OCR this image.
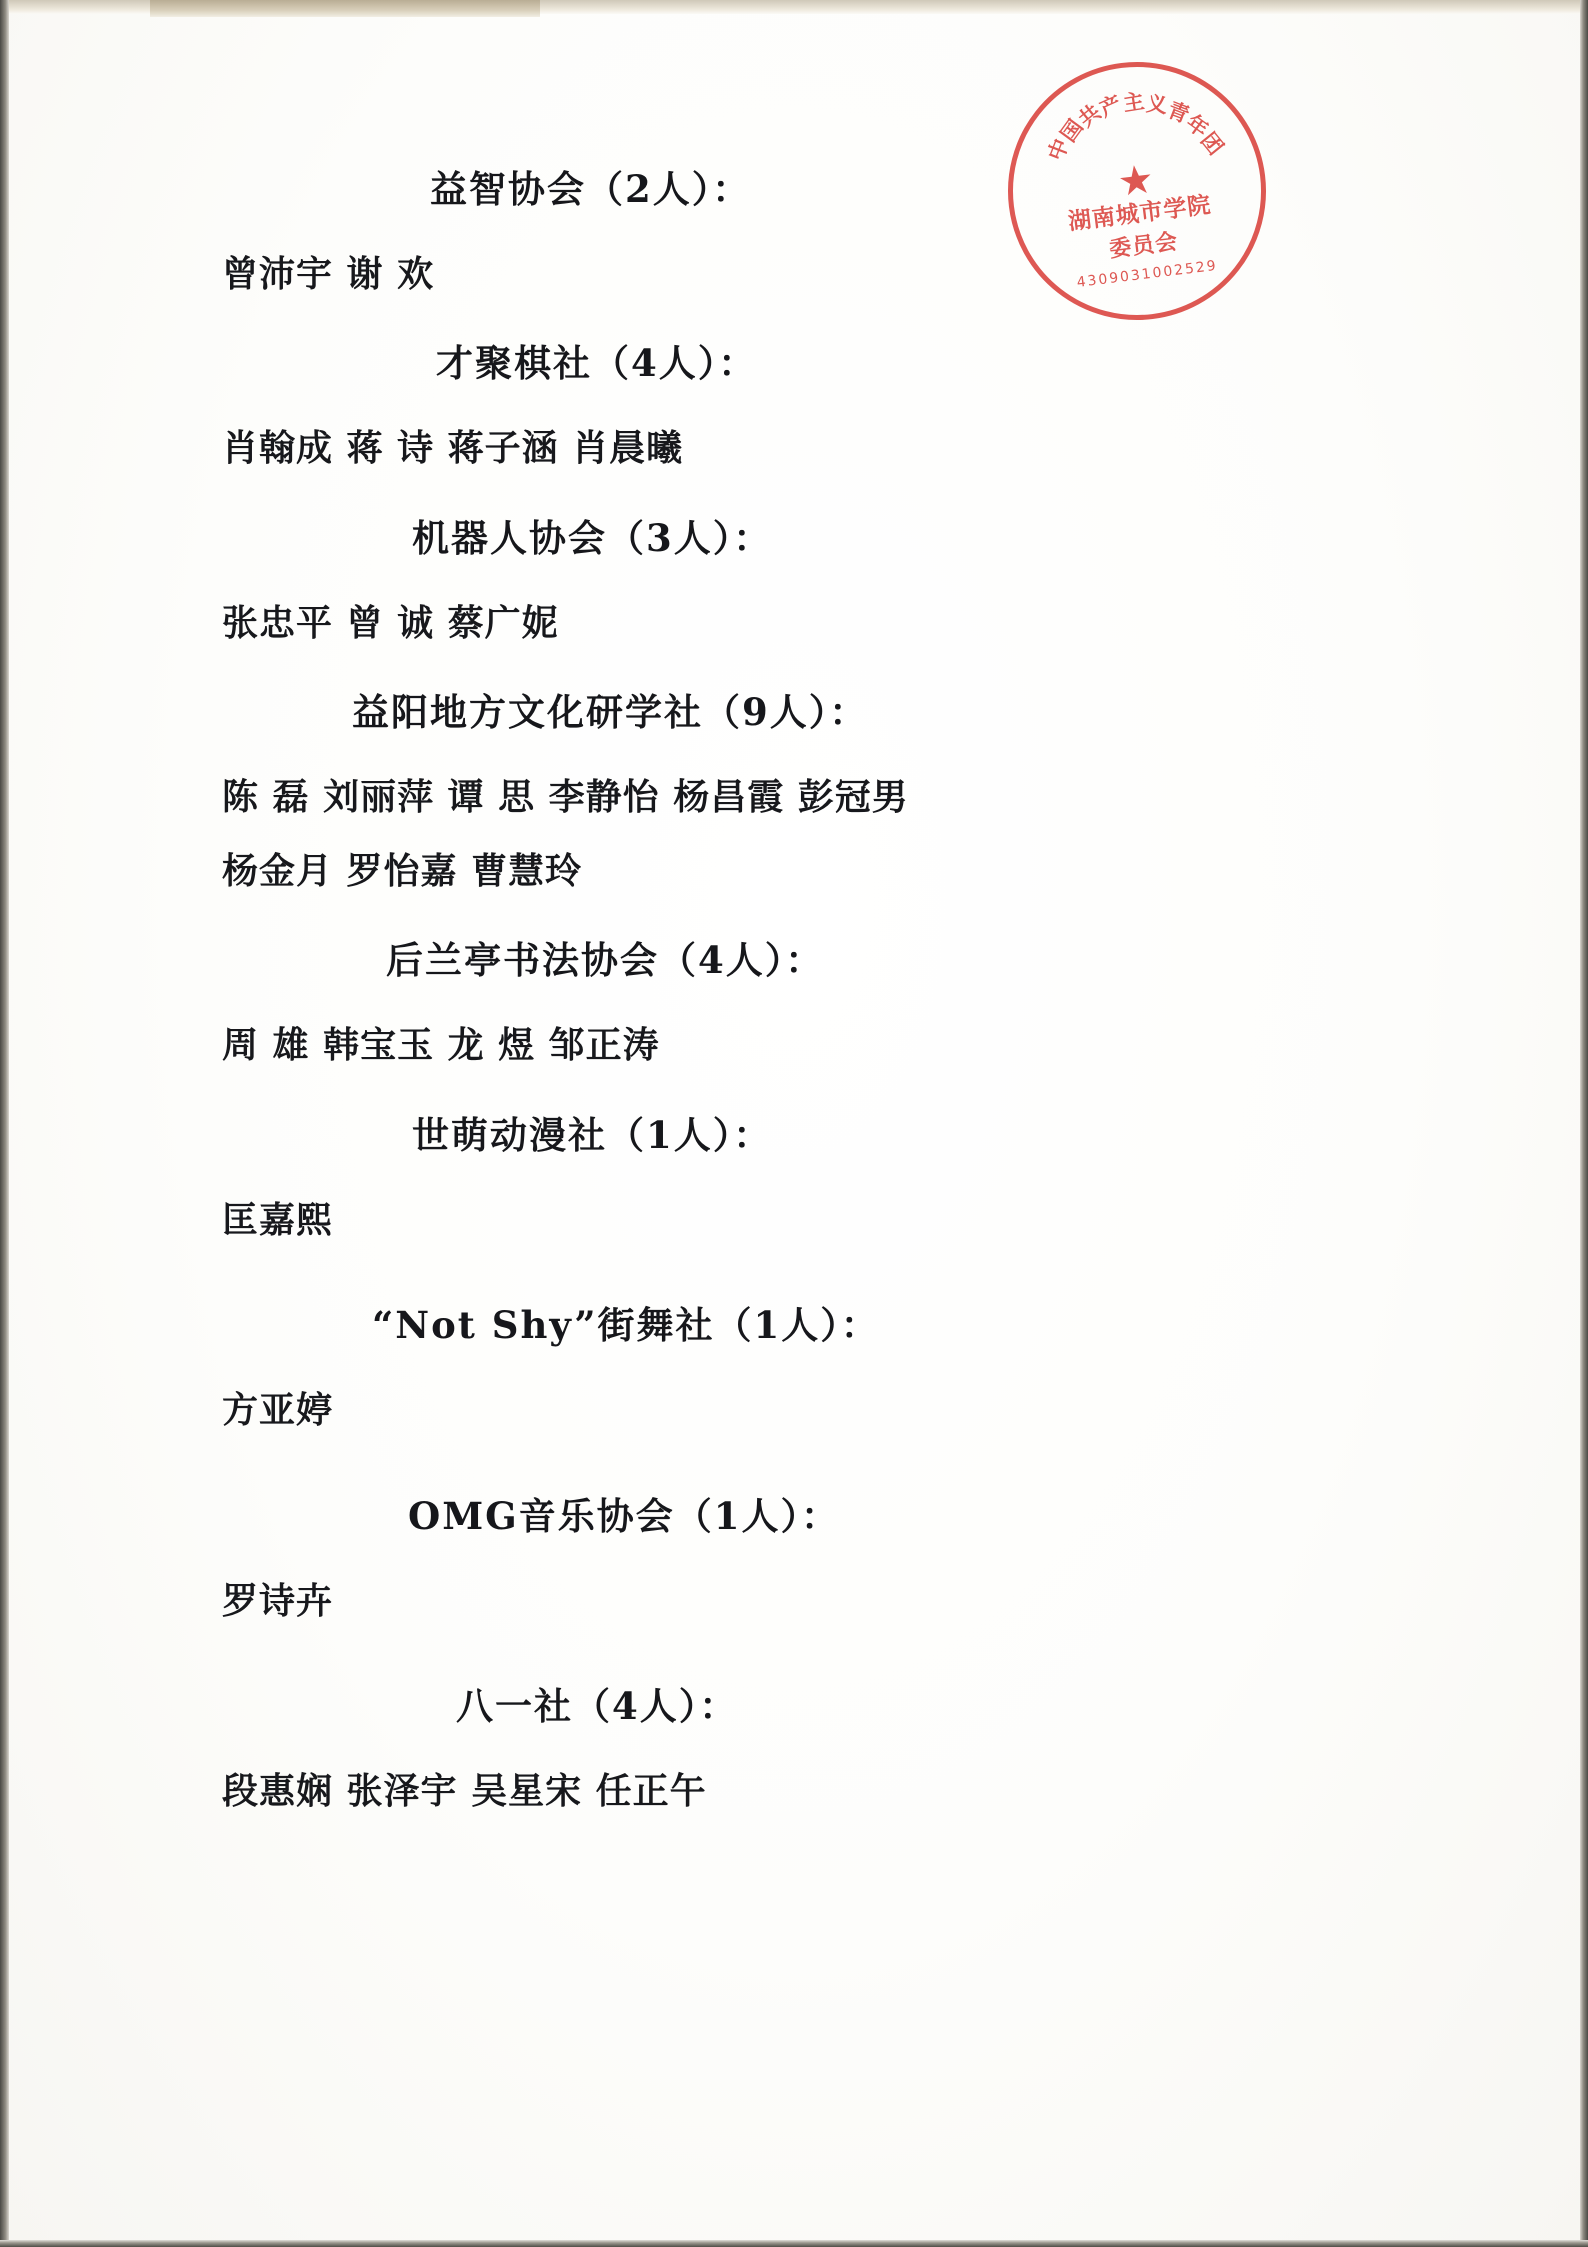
中
国
共
产
主 义
青
年
团
★
湖南城市学院
委员会
4309031002529
益智协会（2人）：
曾沛宇 谢 欢
才聚棋社（4人）：
肖翰成 蒋 诗 蒋子涵 肖晨曦
机器人协会（3人）：
张忠平 曾 诚 蔡广妮
益阳地方文化研学社（9人）：
陈 磊 刘丽萍 谭 思 李静怡 杨昌霞 彭冠男
杨金月 罗怡嘉 曹慧玲
后兰亭书法协会（4人）：
周 雄 韩宝玉 龙 煜 邹正涛
世萌动漫社（1人）：
匡嘉熙
“Not Shy”街舞社（1人）：
方亚婷
OMG音乐协会（1人）：
罗诗卉
八一社（4人）：
段惠娴 张泽宇 吴星宋 任正午
